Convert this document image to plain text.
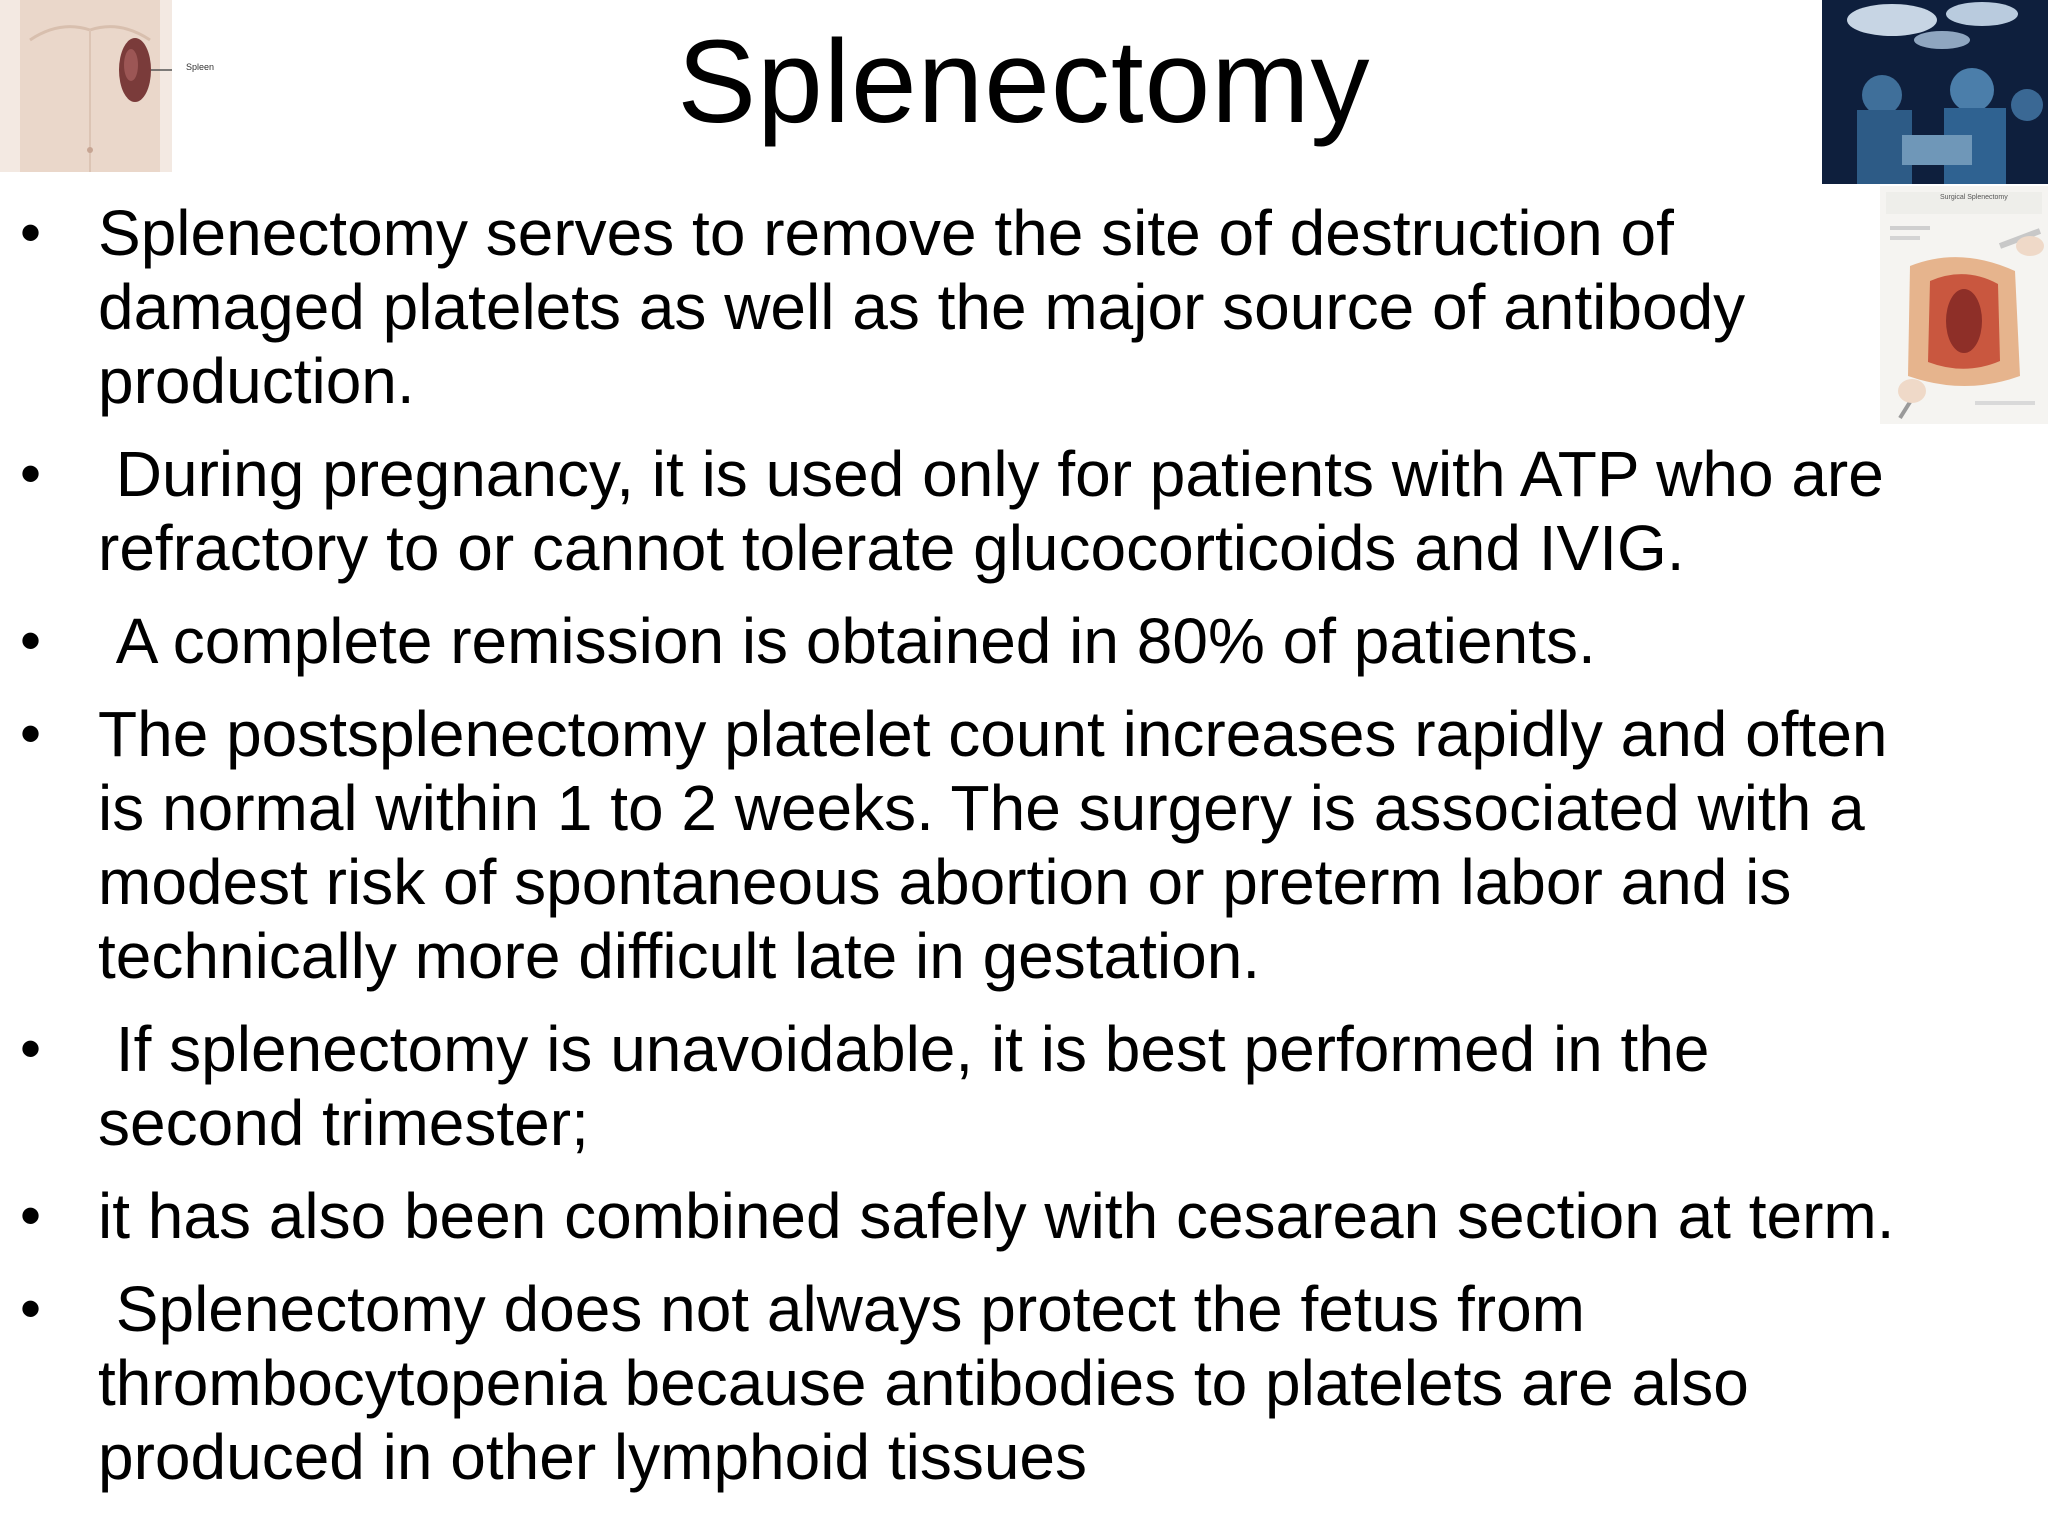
Spleen	Splenectomy
Surgical Splenectomy
• Splenectomy serves to remove the site of destruction of
damaged platelets as well as the major source of antibody
production.
• During pregnancy, it is used only for patients with ATP who are
refractory to or cannot tolerate glucocorticoids and IVIG.
• A complete remission is obtained in 80% of patients.
• The postsplenectomy platelet count increases rapidly and often
is normal within 1 to 2 weeks. The surgery is associated with a
modest risk of spontaneous abortion or preterm labor and is
technically more difficult late in gestation.
• If splenectomy is unavoidable, it is best performed in the
second trimester;
• it has also been combined safely with cesarean section at term.
• Splenectomy does not always protect the fetus from
thrombocytopenia because antibodies to platelets are also
produced in other lymphoid tissues
